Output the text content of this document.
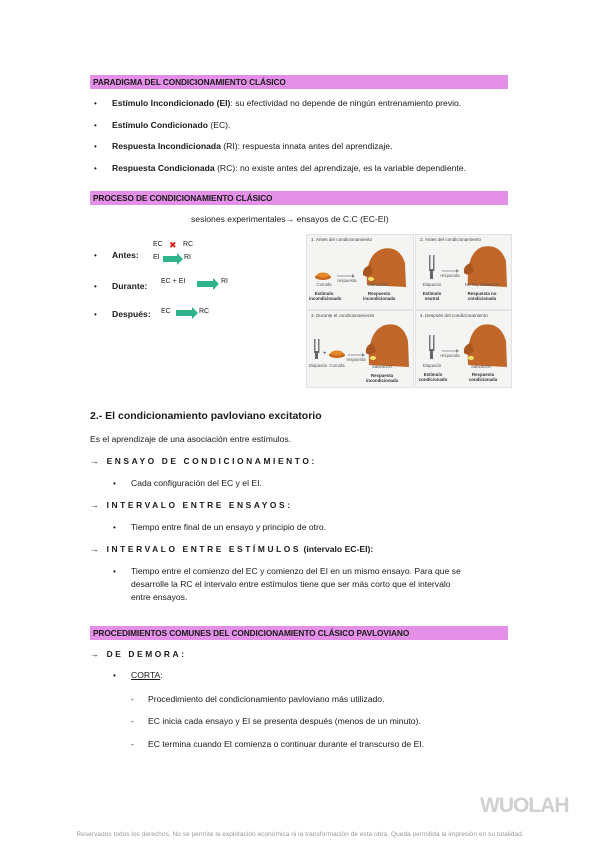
PARADIGMA DEL CONDICIONAMIENTO CLÁSICO
• Estímulo Incondicionado (EI): su efectividad no depende de ningún entrenamiento previo.
• Estímulo Condicionado (EC).
• Respuesta Incondicionada (RI): respuesta innata antes del aprendizaje.
• Respuesta Condicionada (RC): no existe antes del aprendizaje, es la variable dependiente.
PROCESO DE CONDICIONAMIENTO CLÁSICO
sesiones experimentales→ ensayos de C.C (EC-EI)
• Antes:
EC ✖ RC
EI	RI
• Durante: EC + EI	RI
• Después: EC	RC
1. Antes del condicionamiento
Comida
respuesta
Salivación
Estímulo incondicionado
Respuesta incondicionada
2. Antes del condicionamiento
Diapasón
respuesta
No hay salivación
Estímulo neutral
Respuesta no condicionada
3. Durante el condicionamiento
+
Diapasón Comida
respuesta
Salivación
Respuesta incondicionada
4. Después del condicionamiento
Diapasón
respuesta
Salivación
Estímulo condicionado
Respuesta condicionada
2.- El condicionamiento pavloviano excitatorio
Es el aprendizaje de una asociación entre estímulos.
→ ENSAYO DE CONDICIONAMIENTO:
• Cada configuración del EC y el EI.
→ INTERVALO ENTRE ENSAYOS:
• Tiempo entre final de un ensayo y principio de otro.
→ INTERVALO ENTRE ESTÍMULOS (intervalo EC-EI):
• Tiempo entre el comienzo del EC y comienzo del EI en un mismo ensayo. Para que se
desarrolle la RC el intervalo entre estímulos tiene que ser más corto que el intervalo
entre ensayos.
PROCEDIMIENTOS COMUNES DEL CONDICIONAMIENTO CLÁSICO PAVLOVIANO
→ DE DEMORA:
• CORTA:
- Procedimiento del condicionamiento pavloviano más utilizado.
- EC inicia cada ensayo y EI se presenta después (menos de un minuto).
- EC termina cuando EI comienza o continuar durante el transcurso de EI.
WUOLAH
Reservados todos los derechos. No se permite la explotación económica ni la transformación de esta obra. Queda permitida la impresión en su totalidad.
